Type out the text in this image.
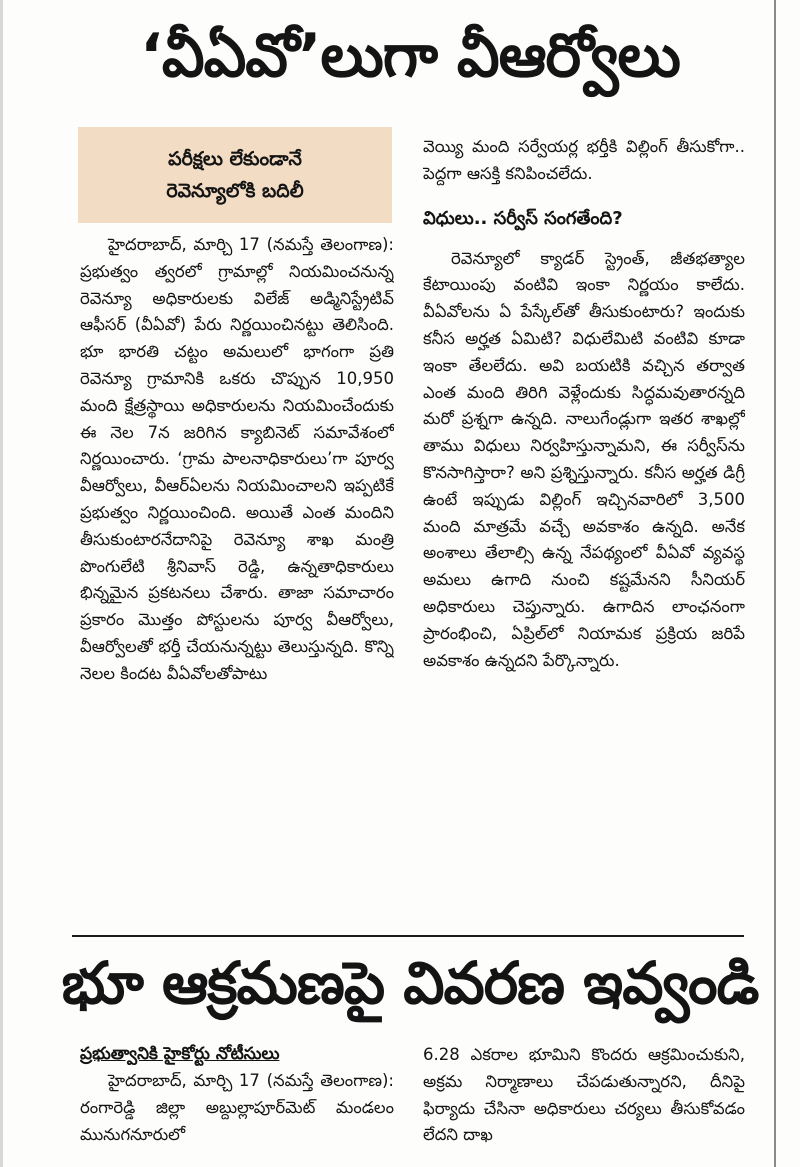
‘వీఏవో’లుగా వీఆర్వోలు
పరీక్షలు లేకుండానే
రెవెన్యూలోకి బదిలీ

హైదరాబాద్‌, మార్చి 17 (నమస్తే తెలంగాణ): ప్రభుత్వం త్వరలో గ్రామాల్లో నియమించనున్న రెవెన్యూ అధికారులకు విలేజ్‌ అడ్మినిస్ట్రేటివ్‌ ఆఫీసర్‌ (వీఏవో) పేరు నిర్ణయించినట్టు తెలిసింది. భూ భారతి చట్టం అమలులో భాగంగా ప్రతి రెవెన్యూ గ్రామానికి ఒకరు చొప్పున 10,950 మంది క్షేత్రస్థాయి అధికారులను నియమించేందుకు ఈ నెల 7న జరిగిన క్యాబినెట్‌ సమావేశంలో నిర్ణయించారు. ‘గ్రామ పాలనాధికారులు’గా పూర్వ వీఆర్వోలు, వీఆర్‌ఏలను నియమించాలని ఇప్పటికే ప్రభుత్వం నిర్ణయించింది. అయితే ఎంత మందిని తీసుకుంటారనేదానిపై రెవెన్యూ శాఖ మంత్రి పొంగులేటి శ్రీనివాస్‌ రెడ్డి, ఉన్నతాధికారులు భిన్నమైన ప్రకటనలు చేశారు. తాజా సమాచారం ప్రకారం మొత్తం పోస్టులను పూర్వ వీఆర్వోలు, వీఆర్వోలతో భర్తీ చేయనున్నట్టు తెలుస్తున్నది. కొన్ని నెలల కిందట వీఏవోలతోపాటు

వెయ్యి మంది సర్వేయర్ల భర్తీకి విల్లింగ్‌ తీసుకోగా.. పెద్దగా ఆసక్తి కనిపించలేదు.

విధులు.. సర్వీస్‌ సంగతేంది?

రెవెన్యూలో క్యాడర్‌ స్ట్రెంత్‌, జీతభత్యాల కేటాయింపు వంటివి ఇంకా నిర్ణయం కాలేదు. వీఏవోలను ఏ పేస్కేల్‌తో తీసుకుంటారు? ఇందుకు కనీస అర్హత ఏమిటి? విధులేమిటి వంటివి కూడా ఇంకా తేలలేదు. అవి బయటికి వచ్చిన తర్వాత ఎంత మంది తిరిగి వెళ్లేందుకు సిద్ధమవుతారన్నది మరో ప్రశ్నగా ఉన్నది. నాలుగేండ్లుగా ఇతర శాఖల్లో తాము విధులు నిర్వహిస్తున్నామని, ఈ సర్వీస్‌ను కొనసాగిస్తారా? అని ప్రశ్నిస్తున్నారు. కనీస అర్హత డిగ్రీ ఉంటే ఇప్పుడు విల్లింగ్‌ ఇచ్చినవారిలో 3,500 మంది మాత్రమే వచ్చే అవకాశం ఉన్నది. అనేక అంశాలు తేలాల్సి ఉన్న నేపథ్యంలో వీఏవో వ్యవస్థ అమలు ఉగాది నుంచి కష్టమేనని సీనియర్‌ అధికారులు చెప్తున్నారు. ఉగాదిన లాంఛనంగా ప్రారంభించి, ఏప్రిల్‌లో నియామక ప్రక్రియ జరిపే అవకాశం ఉన్నదని పేర్కొన్నారు.

భూ ఆక్రమణపై వివరణ ఇవ్వండి

ప్రభుత్వానికి హైకోర్టు నోటీసులు

హైదరాబాద్‌, మార్చి 17 (నమస్తే తెలంగాణ): రంగారెడ్డి జిల్లా అబ్దుల్లాపూర్‌మెట్‌ మండలం మునుగనూరులో

6.28 ఎకరాల భూమిని కొందరు ఆక్రమించుకుని, అక్రమ నిర్మాణాలు చేపడుతున్నారని, దీనిపై ఫిర్యాదు చేసినా అధికారులు చర్యలు తీసుకోవడం లేదని దాఖ
